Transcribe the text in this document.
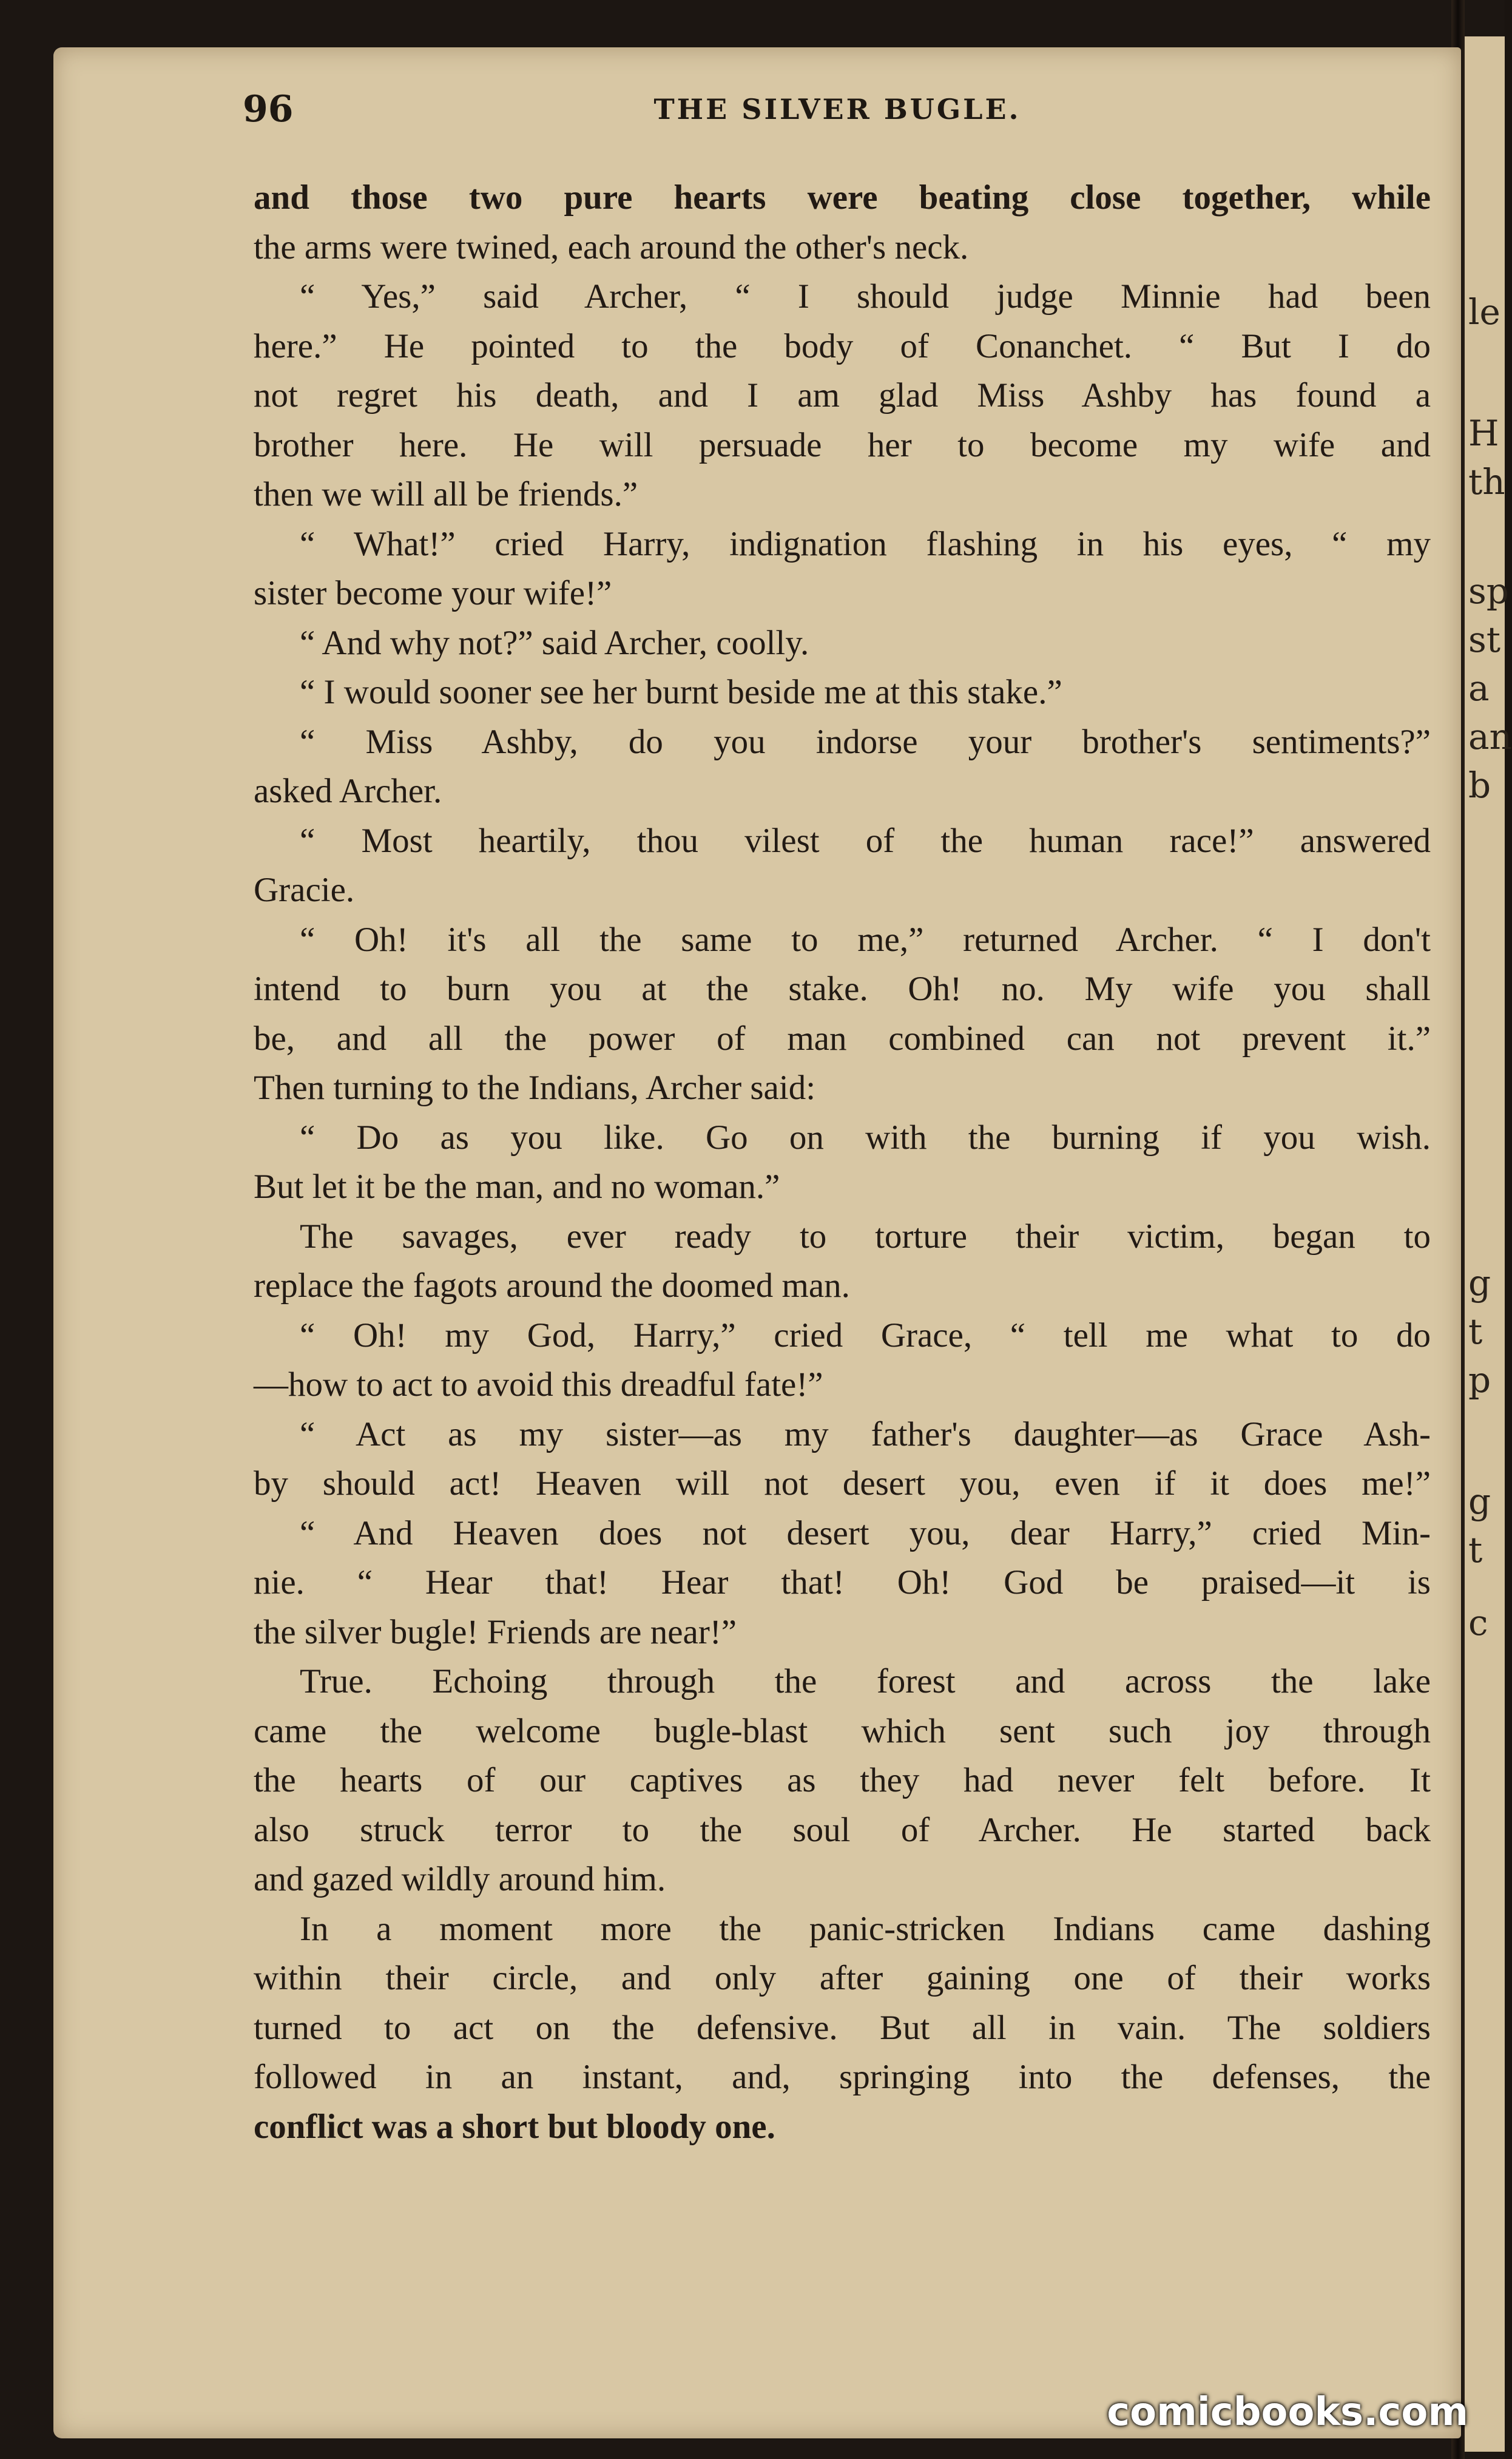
le
H
th
sp
st
a
an
b
g
t
p
g
t
c
96	THE SILVER BUGLE.
and those two pure hearts were beating close together, while
the arms were twined, each around the other's neck.
“ Yes,” said Archer, “ I should judge Minnie had been
here.” He pointed to the body of Conanchet. “ But I do
not regret his death, and I am glad Miss Ashby has found a
brother here. He will persuade her to become my wife and
then we will all be friends.”
“ What!” cried Harry, indignation flashing in his eyes, “ my
sister become your wife!”
“ And why not?” said Archer, coolly.
“ I would sooner see her burnt beside me at this stake.”
“ Miss Ashby, do you indorse your brother's sentiments?”
asked Archer.
“ Most heartily, thou vilest of the human race!” answered
Gracie.
“ Oh! it's all the same to me,” returned Archer. “ I don't
intend to burn you at the stake. Oh! no. My wife you shall
be, and all the power of man combined can not prevent it.”
Then turning to the Indians, Archer said:
“ Do as you like. Go on with the burning if you wish.
But let it be the man, and no woman.”
The savages, ever ready to torture their victim, began to
replace the fagots around the doomed man.
“ Oh! my God, Harry,” cried Grace, “ tell me what to do
—how to act to avoid this dreadful fate!”
“ Act as my sister—as my father's daughter—as Grace Ash-
by should act! Heaven will not desert you, even if it does me!”
“ And Heaven does not desert you, dear Harry,” cried Min-
nie. “ Hear that! Hear that! Oh! God be praised—it is
the silver bugle! Friends are near!”
True. Echoing through the forest and across the lake
came the welcome bugle-blast which sent such joy through
the hearts of our captives as they had never felt before. It
also struck terror to the soul of Archer. He started back
and gazed wildly around him.
In a moment more the panic-stricken Indians came dashing
within their circle, and only after gaining one of their works
turned to act on the defensive. But all in vain. The soldiers
followed in an instant, and, springing into the defenses, the
conflict was a short but bloody one.
comicbooks.com
